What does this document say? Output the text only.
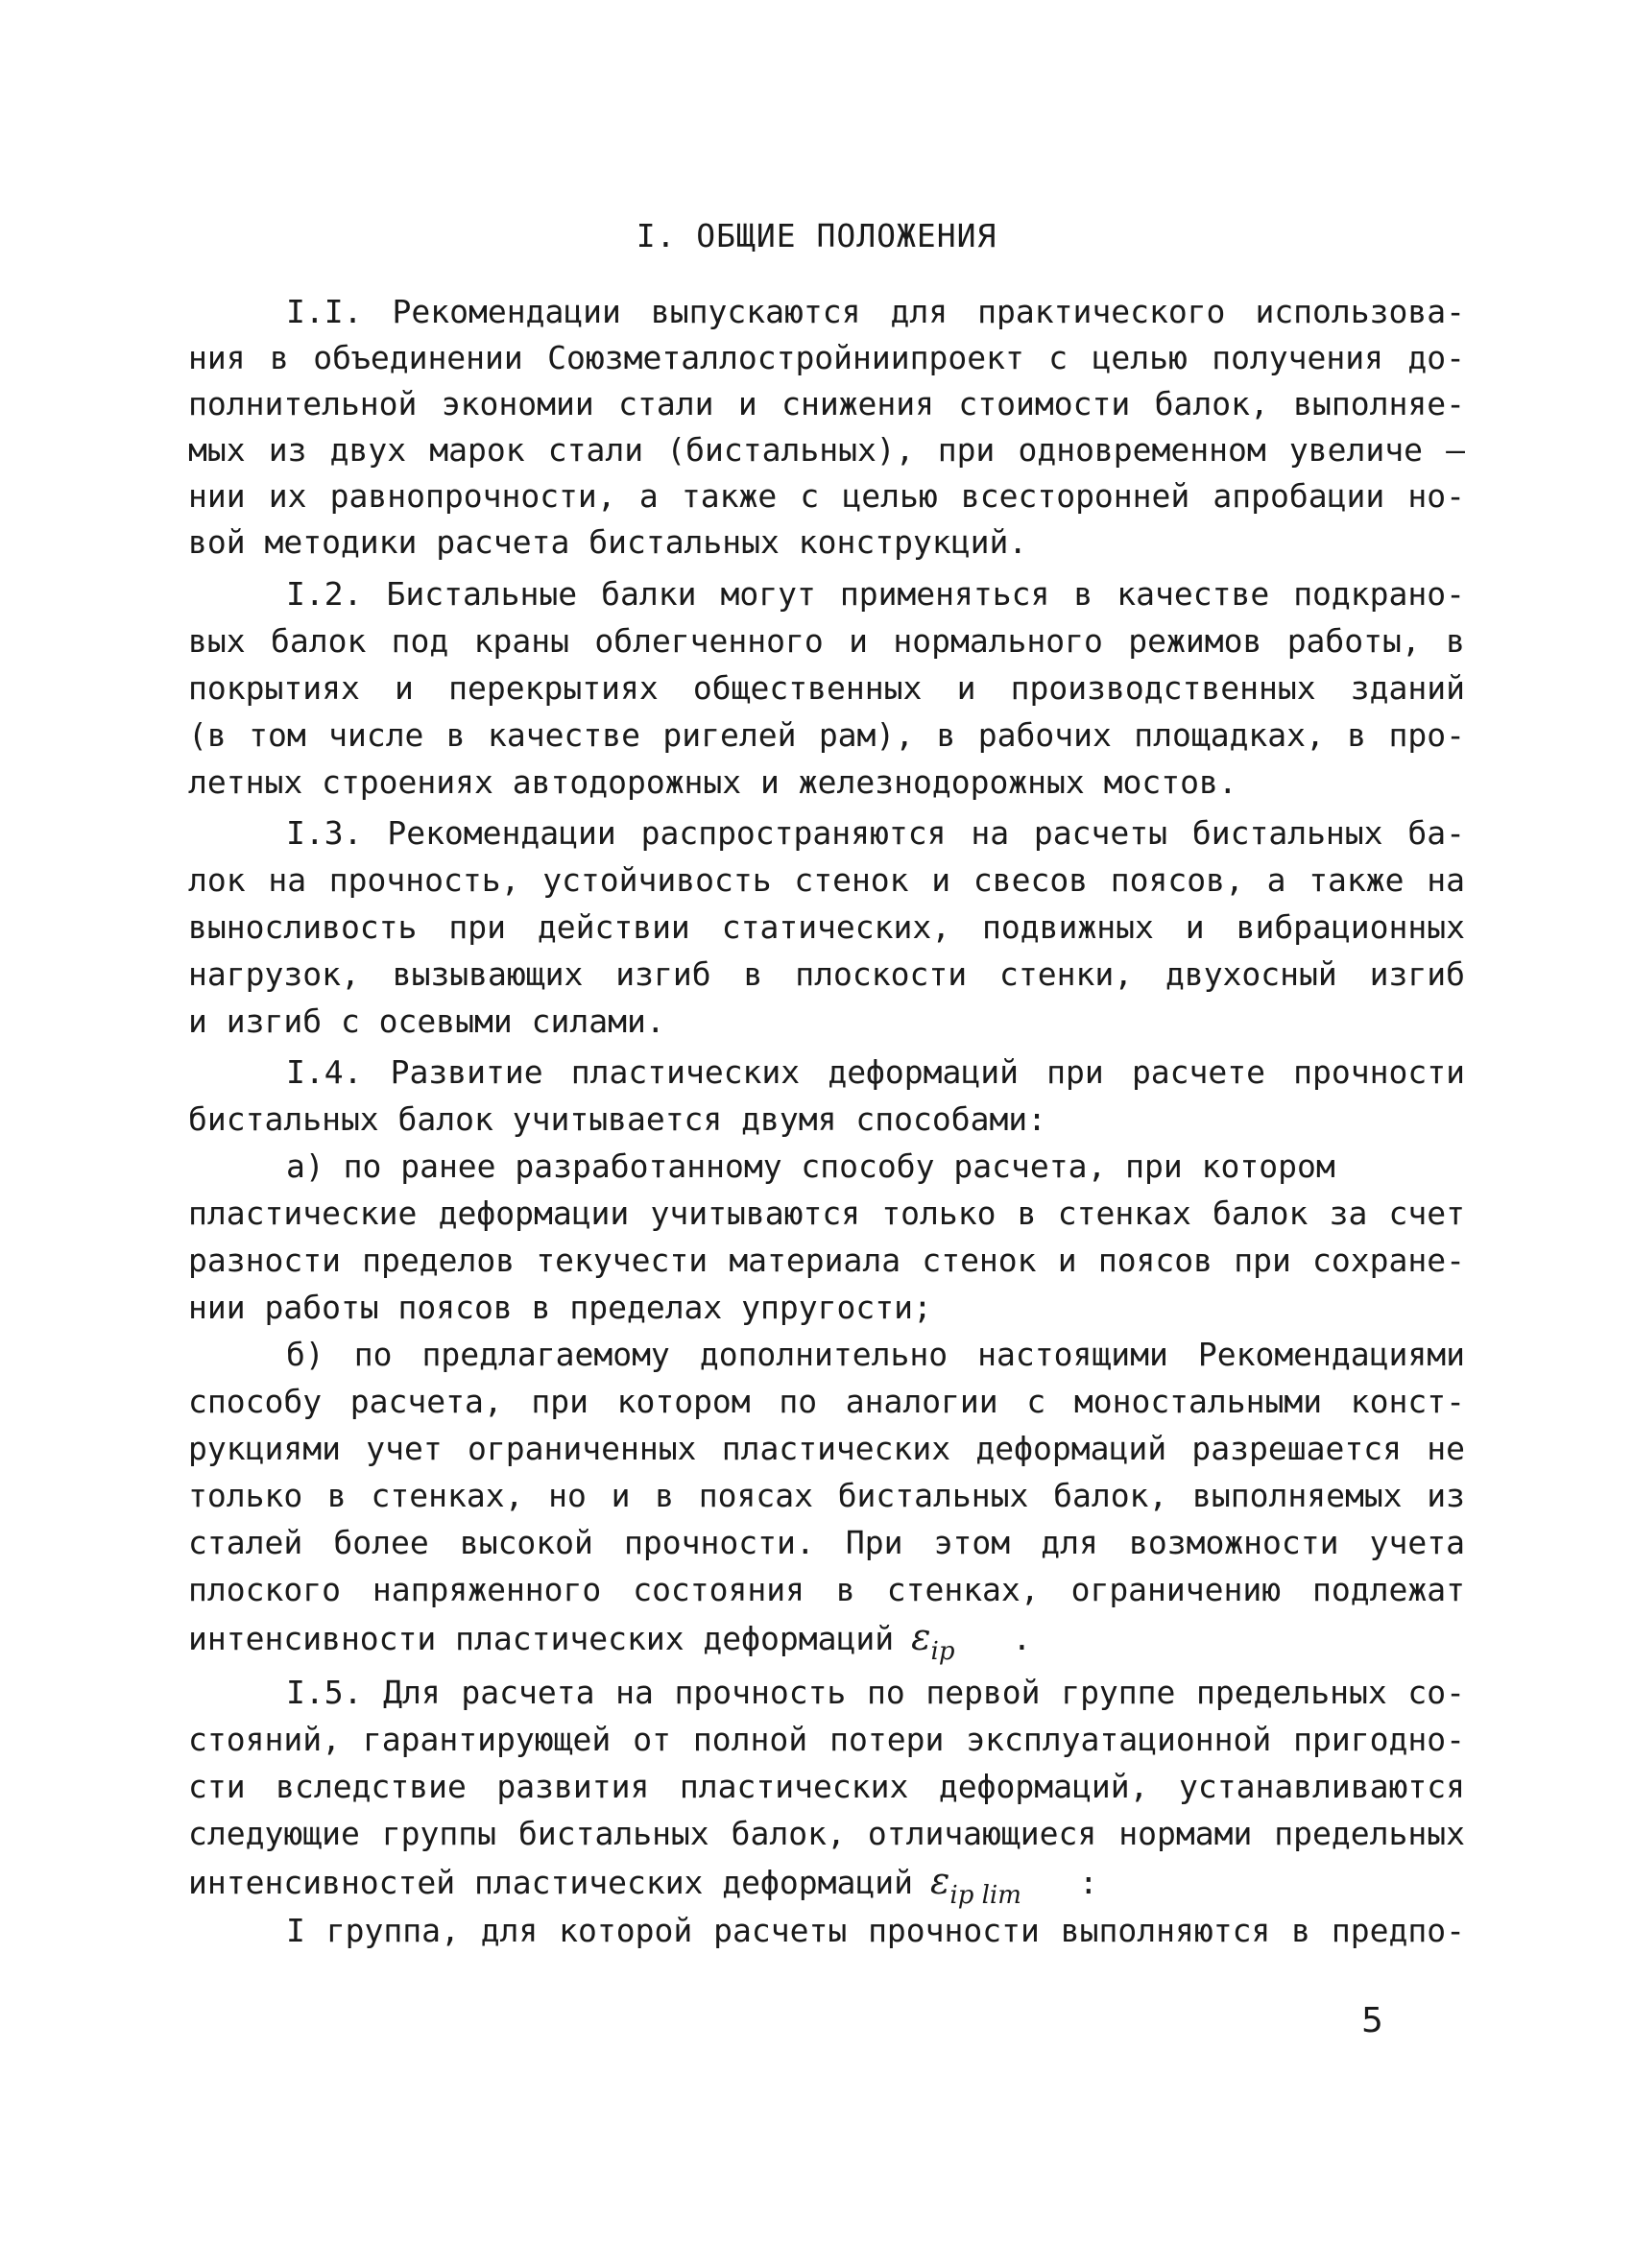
I. ОБЩИЕ ПОЛОЖЕНИЯ
I.I. Рекомендации выпускаются для практического использова-
ния в объединении Союзметаллостройниипроект с целью получения до-
полнительной экономии стали и снижения стоимости балок, выполняе-
мых из двух марок стали (бистальных), при одновременном увеличе –
нии их равнопрочности, а также с целью всесторонней апробации но-
вой методики расчета бистальных конструкций.
I.2. Бистальные балки могут применяться в качестве подкрано-
вых балок под краны облегченного и нормального режимов работы, в
покрытиях и перекрытиях общественных и производственных зданий
(в том числе в качестве ригелей рам), в рабочих площадках, в про-
летных строениях автодорожных и железнодорожных мостов.
I.3. Рекомендации распространяются на расчеты бистальных ба-
лок на прочность, устойчивость стенок и свесов поясов, а также на
выносливость при действии статических, подвижных и вибрационных
нагрузок, вызывающих изгиб в плоскости стенки, двухосный изгиб
и изгиб с осевыми силами.
I.4. Развитие пластических деформаций при расчете прочности
бистальных балок учитывается двумя способами:
а) по ранее разработанному способу расчета, при котором
пластические деформации учитываются только в стенках балок за счет
разности пределов текучести материала стенок и поясов при сохране-
нии работы поясов в пределах упругости;
б) по предлагаемому дополнительно настоящими Рекомендациями
способу расчета, при котором по аналогии с моностальными конст-
рукциями учет ограниченных пластических деформаций разрешается не
только в стенках, но и в поясах бистальных балок, выполняемых из
сталей более высокой прочности. При этом для возможности учета
плоского напряженного состояния в стенках, ограничению подлежат
интенсивности пластических деформаций $\varepsilon_{ip}$ .
I.5. Для расчета на прочность по первой группе предельных со-
стояний, гарантирующей от полной потери эксплуатационной пригодно-
сти вследствие развития пластических деформаций, устанавливаются
следующие группы бистальных балок, отличающиеся нормами предельных
интенсивностей пластических деформаций $\varepsilon_{ip lim}$ :
I группа, для которой расчеты прочности выполняются в предпо-
5
